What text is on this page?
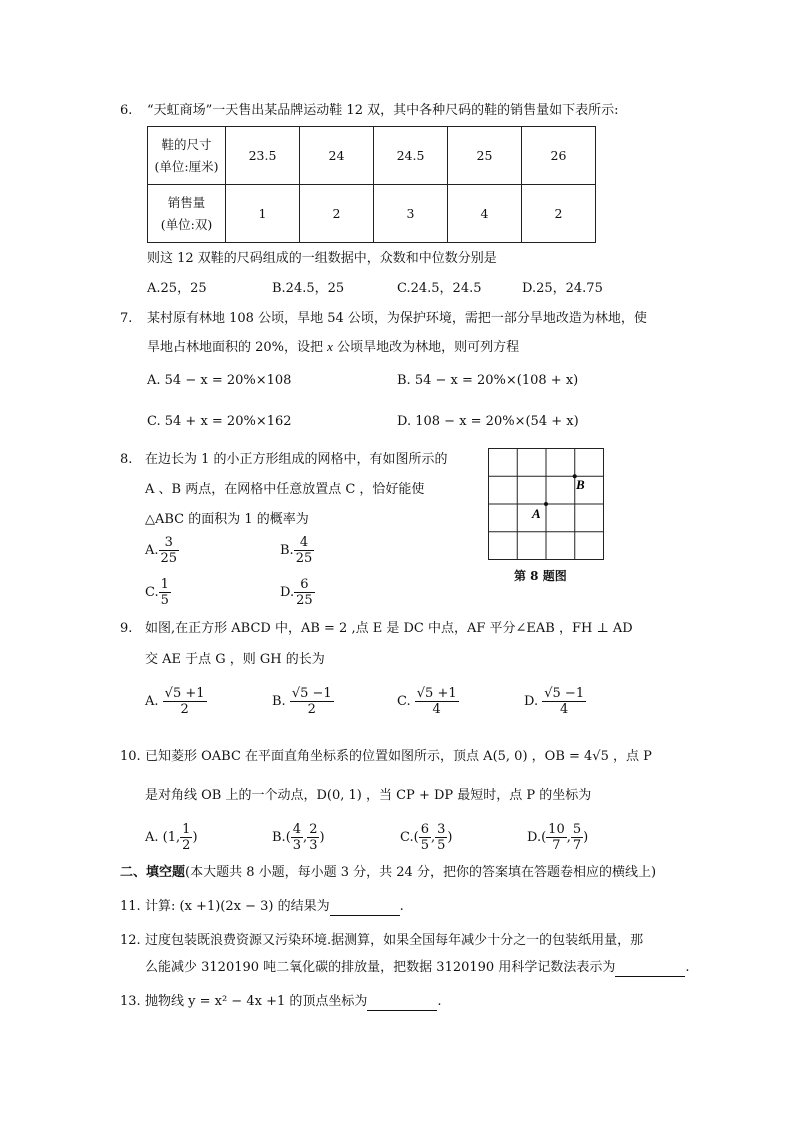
6. “天虹商场”一天售出某品牌运动鞋 12 双，其中各种尺码的鞋的销售量如下表所示:
鞋的尺寸
(单位:厘米)	23.5	24	24.5	25	26

销售量
(单位:双)	1	2	3	4	2
则这 12 双鞋的尺码组成的一组数据中，众数和中位数分别是
A.25，25	B.24.5，25	C.24.5，24.5	D.25，24.75
7. 某村原有林地 108 公顷，旱地 54 公顷，为保护环境，需把一部分旱地改造为林地，使
旱地占林地面积的 20%，设把 x 公顷旱地改为林地，则可列方程
A. 54 − x = 20%×108	B. 54 − x = 20%×(108 + x)
C. 54 + x = 20%×162	D. 108 − x = 20%×(54 + x)
8. 在边长为 1 的小正方形组成的网格中，有如图所示的
A 、B 两点，在网格中任意放置点 C ，恰好能使
△ABC 的面积为 1 的概率为
A. $\frac{3}{25}$	B. $\frac{4}{25}$
C. $\frac{1}{5}$	D. $\frac{6}{25}$
B
A
第 8 题图
9. 如图,在正方形 ABCD 中，AB = 2 ,点 E 是 DC 中点，AF 平分∠EAB ，FH ⊥ AD
交 AE 于点 G ，则 GH 的长为
A. $\frac{√5 +1}{2}$	B. $\frac{√5 -1}{2}$	C. $\frac{√5 +1}{4}$	D. $\frac{√5 -1}{4}$
10. 已知菱形 OABC 在平面直角坐标系的位置如图所示，顶点 A(5, 0) ，OB = 4√5 ，点 P
是对角线 OB 上的一个动点，D(0, 1) ，当 CP + DP 最短时，点 P 的坐标为
A. (1, $\frac{1}{2}$ )	$B.( \frac{4}{3}$ , $\frac{2}{3}$ )	$C.( \frac{6}{5}$ , $\frac{3}{5}$ )	$D.( \frac{10}{7}$ , $\frac{5}{7}$ )
二、填空题(本大题共 8 小题，每小题 3 分，共 24 分，把你的答案填在答题卷相应的横线上)
11. 计算: (x +1)(2x − 3) 的结果为	.
12. 过度包装既浪费资源又污染环境.据测算，如果全国每年减少十分之一的包装纸用量，那
么能减少 3120190 吨二氧化碳的排放量，把数据 3120190 用科学记数法表示为	.
13. 抛物线 y = x² − 4x +1 的顶点坐标为	.
